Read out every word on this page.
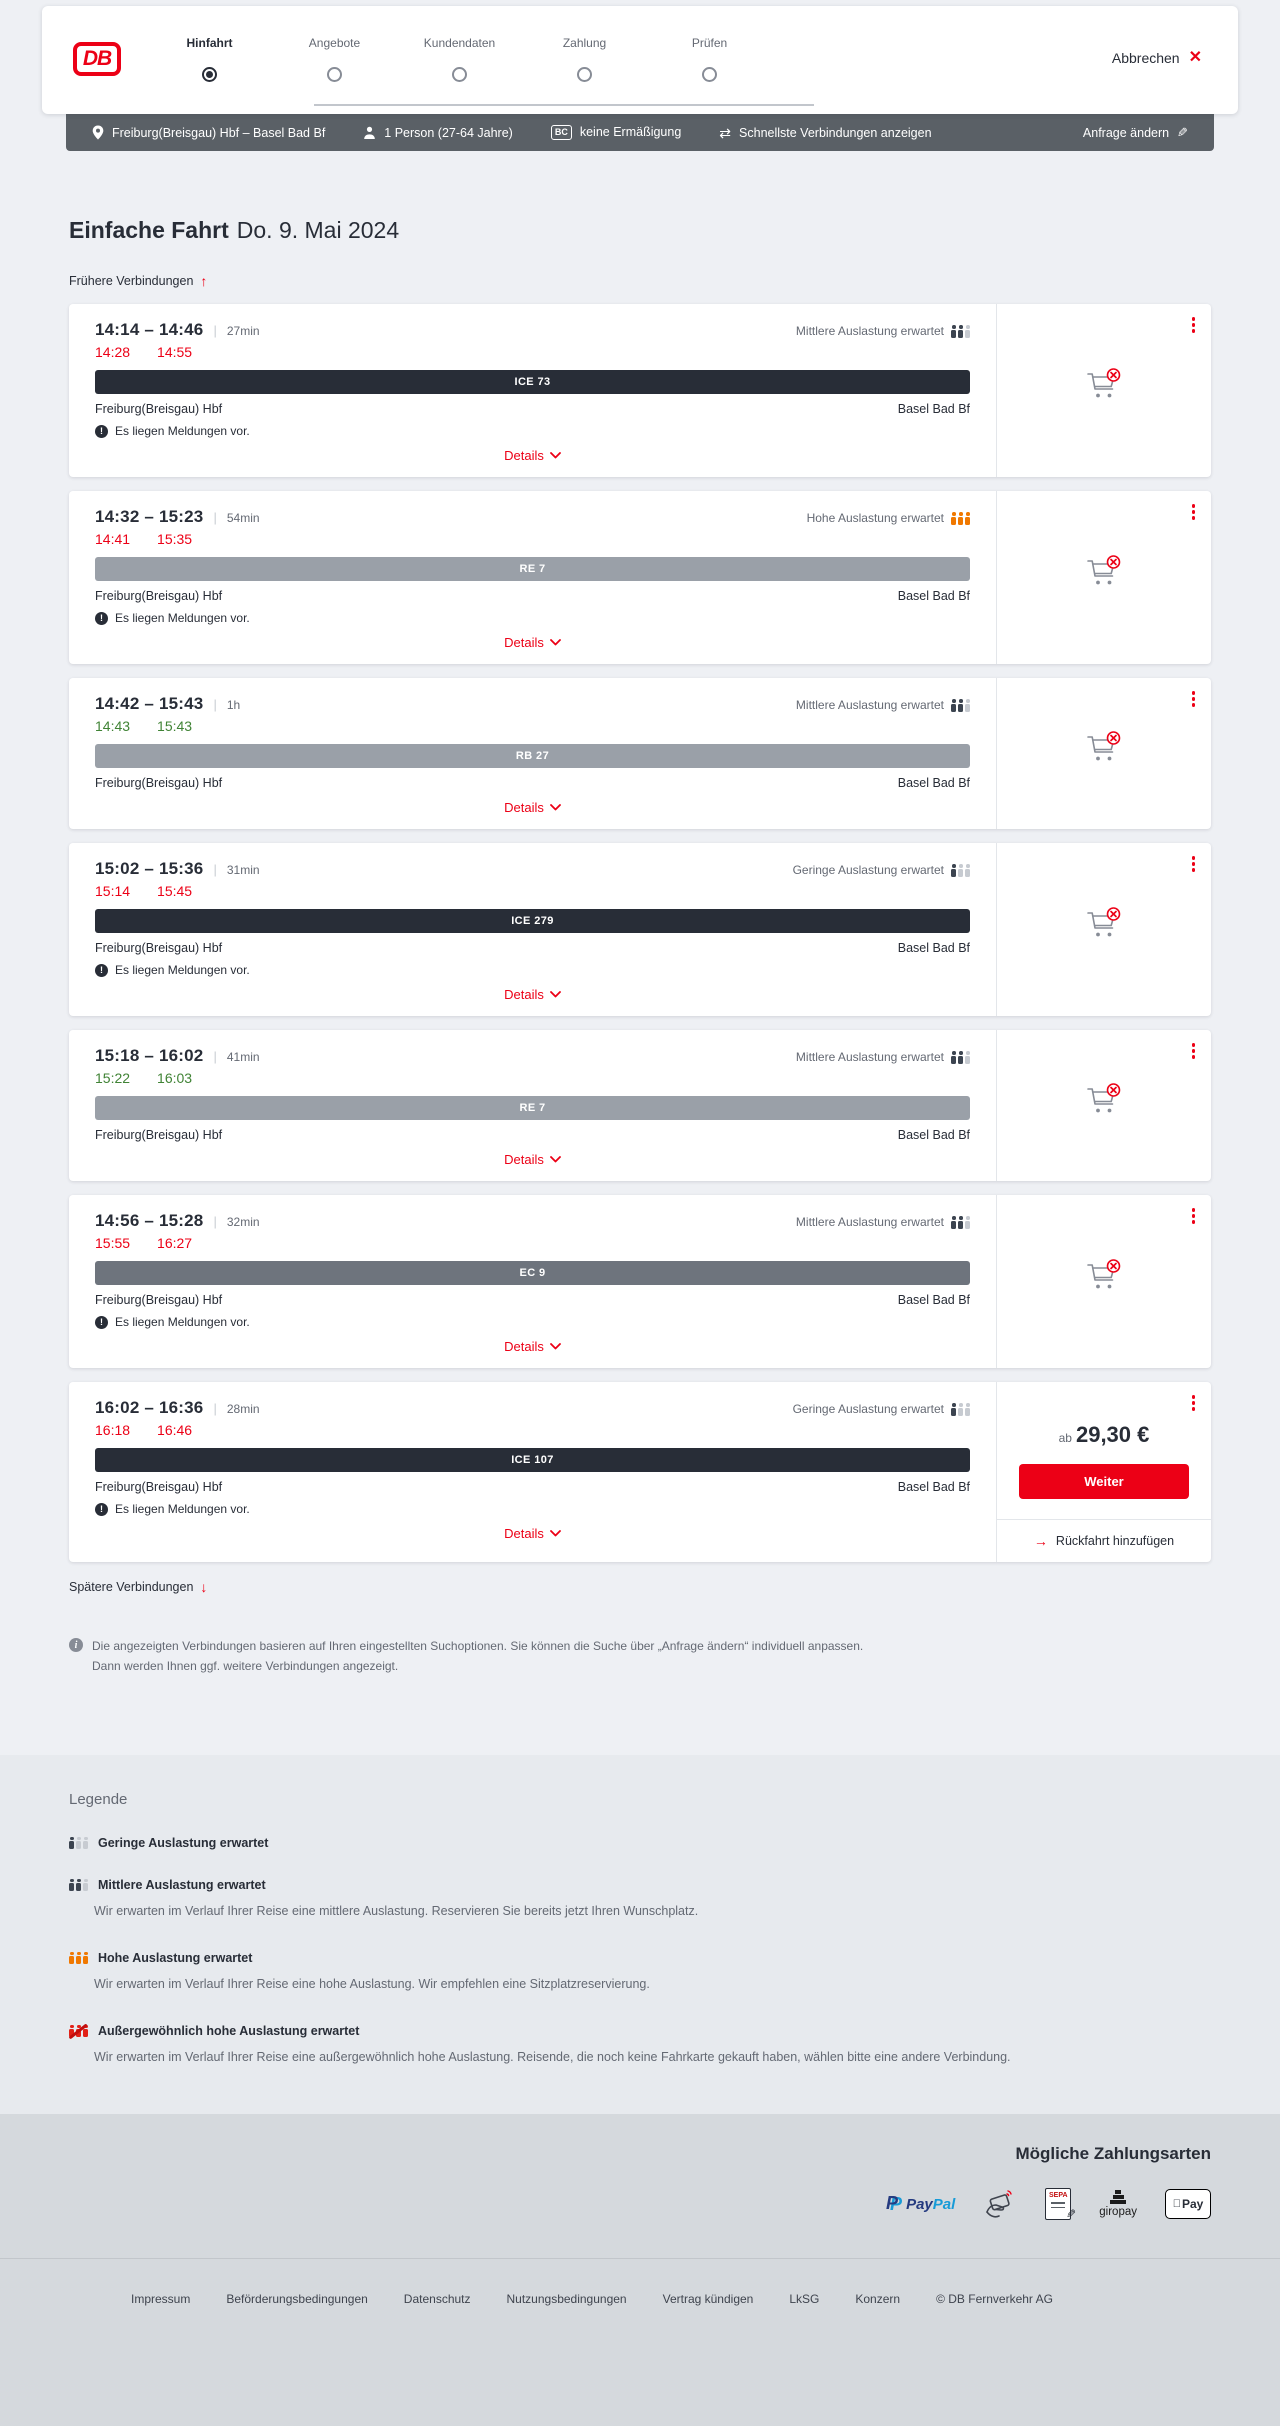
DB
Hinfahrt	Angebote	Kundendaten	Zahlung	Prüfen
Abbrechen ✕
Freiburg(Breisgau) Hbf – Basel Bad Bf	1 Person (27-64 Jahre)	BC keine Ermäßigung	⇄ Schnellste Verbindungen anzeigen	Anfrage ändern ✎
Einfache Fahrt Do. 9. Mai 2024
Frühere Verbindungen ↑
14:14 – 14:46 | 27min	Mittlere Auslastung erwartet
14:28 14:55
ICE 73
Freiburg(Breisgau) Hbf	Basel Bad Bf
!	Es liegen Meldungen vor.
Details
14:32 – 15:23 | 54min	Hohe Auslastung erwartet
14:41 15:35
RE 7
Freiburg(Breisgau) Hbf	Basel Bad Bf
!	Es liegen Meldungen vor.
Details
14:42 – 15:43 | 1h	Mittlere Auslastung erwartet
14:43 15:43
RB 27
Freiburg(Breisgau) Hbf	Basel Bad Bf
Details
15:02 – 15:36 | 31min	Geringe Auslastung erwartet
15:14 15:45
ICE 279
Freiburg(Breisgau) Hbf	Basel Bad Bf
!	Es liegen Meldungen vor.
Details
15:18 – 16:02 | 41min	Mittlere Auslastung erwartet
15:22 16:03
RE 7
Freiburg(Breisgau) Hbf	Basel Bad Bf
Details
14:56 – 15:28 | 32min	Mittlere Auslastung erwartet
15:55 16:27
EC 9
Freiburg(Breisgau) Hbf	Basel Bad Bf
!	Es liegen Meldungen vor.
Details
16:02 – 16:36 | 28min	Geringe Auslastung erwartet
16:18 16:46
ICE 107
Freiburg(Breisgau) Hbf	Basel Bad Bf
!	Es liegen Meldungen vor.
Details
ab 29,30 €
Weiter
→ Rückfahrt hinzufügen
Spätere Verbindungen ↓
i	Die angezeigten Verbindungen basieren auf Ihren eingestellten Suchoptionen. Sie können die Suche über „Anfrage ändern“ individuell anpassen. Dann werden Ihnen ggf. weitere Verbindungen angezeigt.
Legende
Geringe Auslastung erwartet
Mittlere Auslastung erwartet

Wir erwarten im Verlauf Ihrer Reise eine mittlere Auslastung. Reservieren Sie bereits jetzt Ihren Wunschplatz.

Hohe Auslastung erwartet

Wir erwarten im Verlauf Ihrer Reise eine hohe Auslastung. Wir empfehlen eine Sitzplatzreservierung.

Außergewöhnlich hohe Auslastung erwartet

Wir erwarten im Verlauf Ihrer Reise eine außergewöhnlich hohe Auslastung. Reisende, die noch keine Fahrkarte gekauft haben, wählen bitte eine andere Verbindung.

Mögliche Zahlungsarten
P P PayPal	SEPA
✎ giropay
Pay
Impressum	Beförderungsbedingungen	Datenschutz	Nutzungsbedingungen	Vertrag kündigen	LkSG	Konzern	© DB Fernverkehr AG
